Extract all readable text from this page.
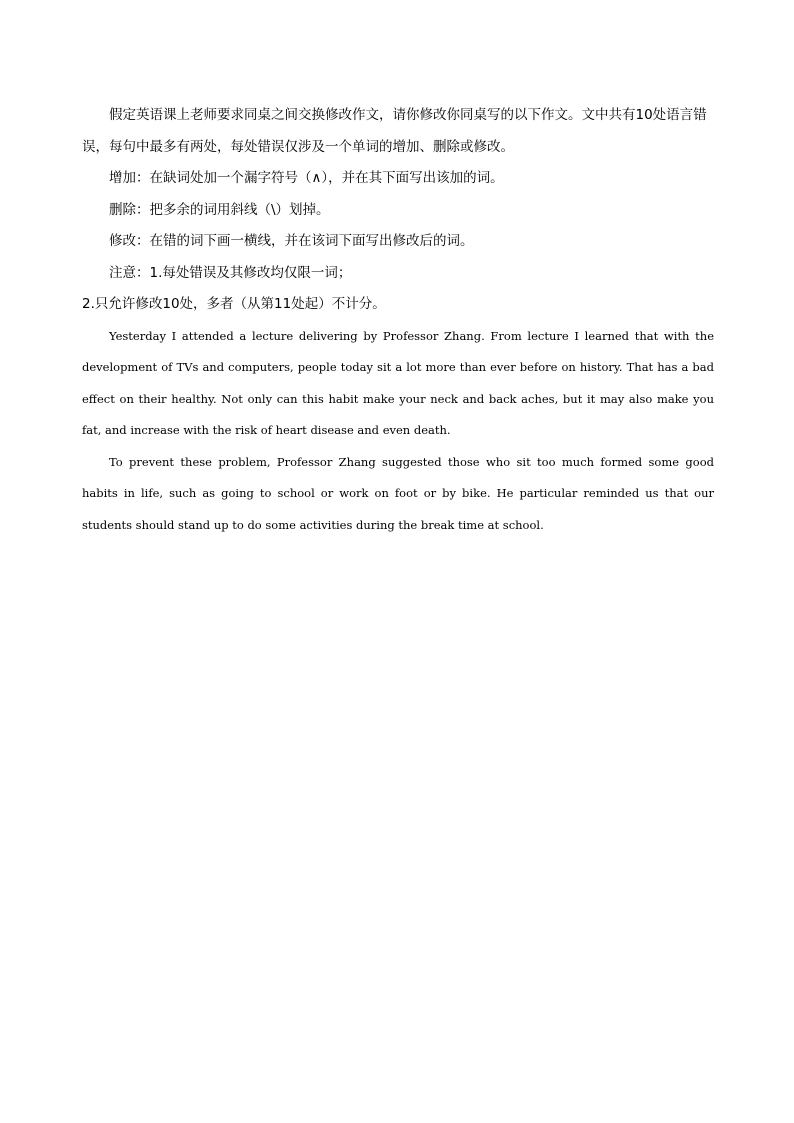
假定英语课上老师要求同桌之间交换修改作文，请你修改你同桌写的以下作文。文中共有10处语言错误，每句中最多有两处，每处错误仅涉及一个单词的增加、删除或修改。

增加：在缺词处加一个漏字符号（∧），并在其下面写出该加的词。

删除：把多余的词用斜线（\）划掉。

修改：在错的词下画一横线，并在该词下面写出修改后的词。

注意：1.每处错误及其修改均仅限一词；

2.只允许修改10处，多者（从第11处起）不计分。

Yesterday I attended a lecture delivering by Professor Zhang. From lecture I learned that with the development of TVs and computers, people today sit a lot more than ever before on history. That has a bad effect on their healthy. Not only can this habit make your neck and back aches, but it may also make you fat, and increase with the risk of heart disease and even death.

To prevent these problem, Professor Zhang suggested those who sit too much formed some good habits in life, such as going to school or work on foot or by bike. He particular reminded us that our students should stand up to do some activities during the break time at school.
